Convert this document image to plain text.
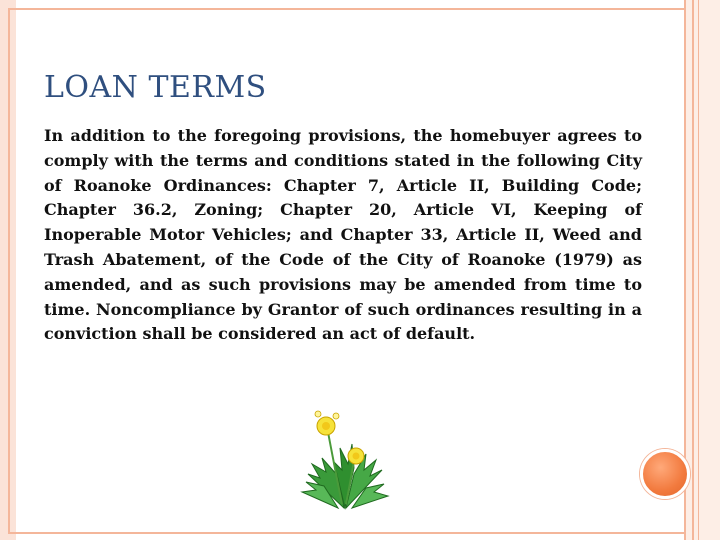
LOAN TERMS

In addition to the foregoing provisions, the homebuyer agrees to comply with the terms and conditions stated in the following City of Roanoke Ordinances: Chapter 7, Article II, Building Code; Chapter 36.2, Zoning; Chapter 20, Article VI, Keeping of Inoperable Motor Vehicles; and Chapter 33, Article II, Weed and Trash Abatement, of the Code of the City of Roanoke (1979) as amended, and as such provisions may be amended from time to time. Noncompliance by Grantor of such ordinances resulting in a conviction shall be considered an act of default.
